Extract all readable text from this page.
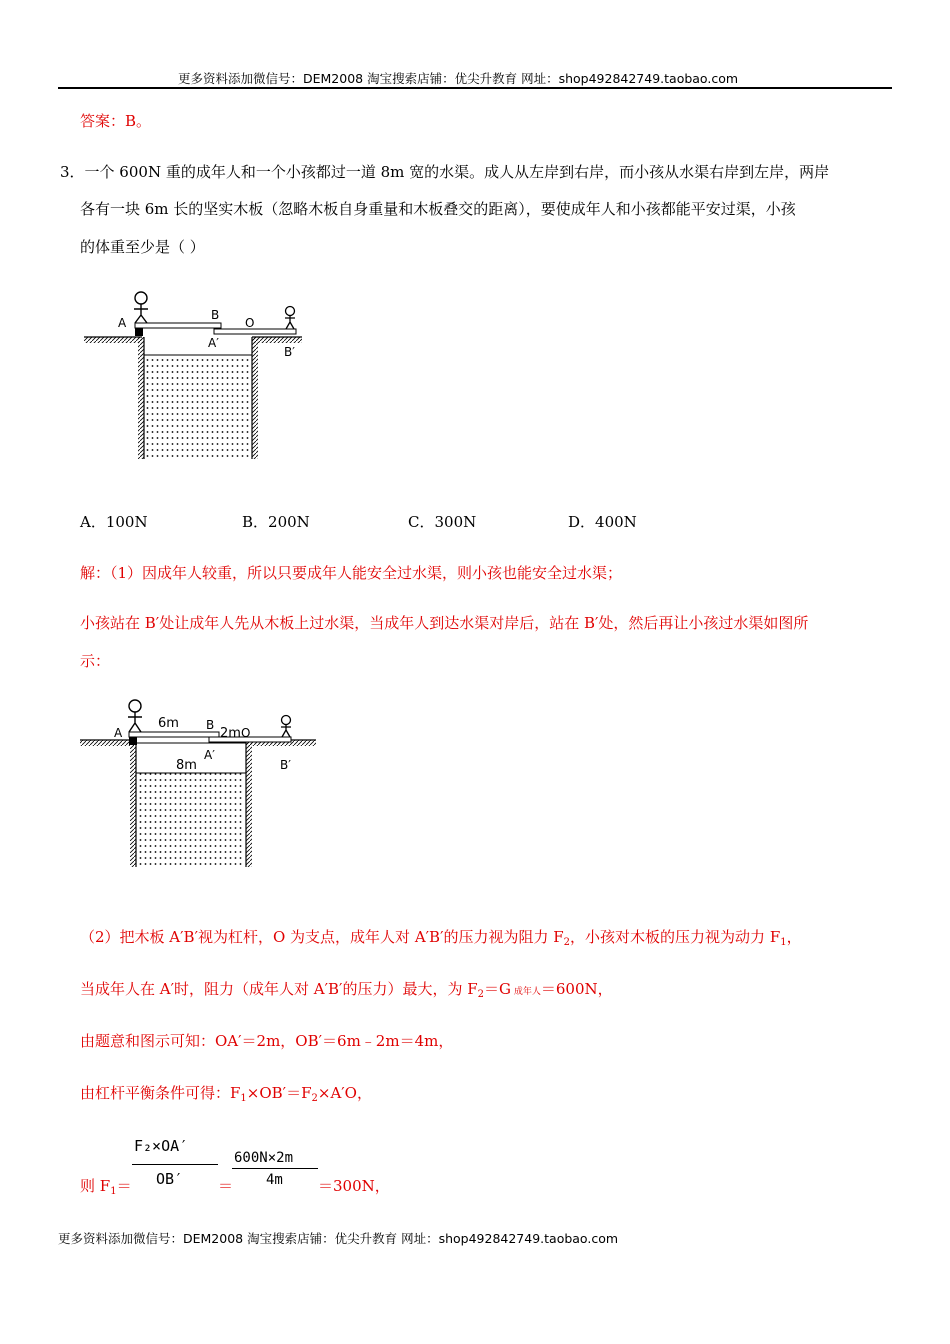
更多资料添加微信号：DEM2008 淘宝搜索店铺：优尖升教育 网址：shop492842749.taobao.com
答案：B。
3．一个 600N 重的成年人和一个小孩都过一道 8m 宽的水渠。成人从左岸到右岸，而小孩从水渠右岸到左岸，两岸
各有一块 6m 长的坚实木板（忽略木板自身重量和木板叠交的距离），要使成年人和小孩都能平安过渠，小孩
的体重至少是（ ）
A
B
O
A′
B′
A．100N	B．200N	C．300N	D．400N
解：（1）因成年人较重，所以只要成年人能安全过水渠，则小孩也能安全过水渠；
小孩站在 B′处让成年人先从木板上过水渠，当成年人到达水渠对岸后，站在 B′处，然后再让小孩过水渠如图所
示：
A
6m B
2m O
A′
8m	B′
（2）把木板 A′B′视为杠杆，O 为支点，成年人对 A′B′的压力视为阻力 $F_2$，小孩对木板的压力视为动力 $F_1$，
当成年人在 A′时，阻力（成年人对 A′B′的压力）最大，为 $F_2=G$ 成年人＝600N，
由题意和图示可知：OA′＝2m，OB′＝6m﹣2m＝4m，
由杠杆平衡条件可得：$F_1\times OB'=F_2\times A'O$，
则 $F_1=$
F₂×OA′
OB′ ＝
600N×2m
4m ＝300N，
更多资料添加微信号：DEM2008 淘宝搜索店铺：优尖升教育 网址：shop492842749.taobao.com
